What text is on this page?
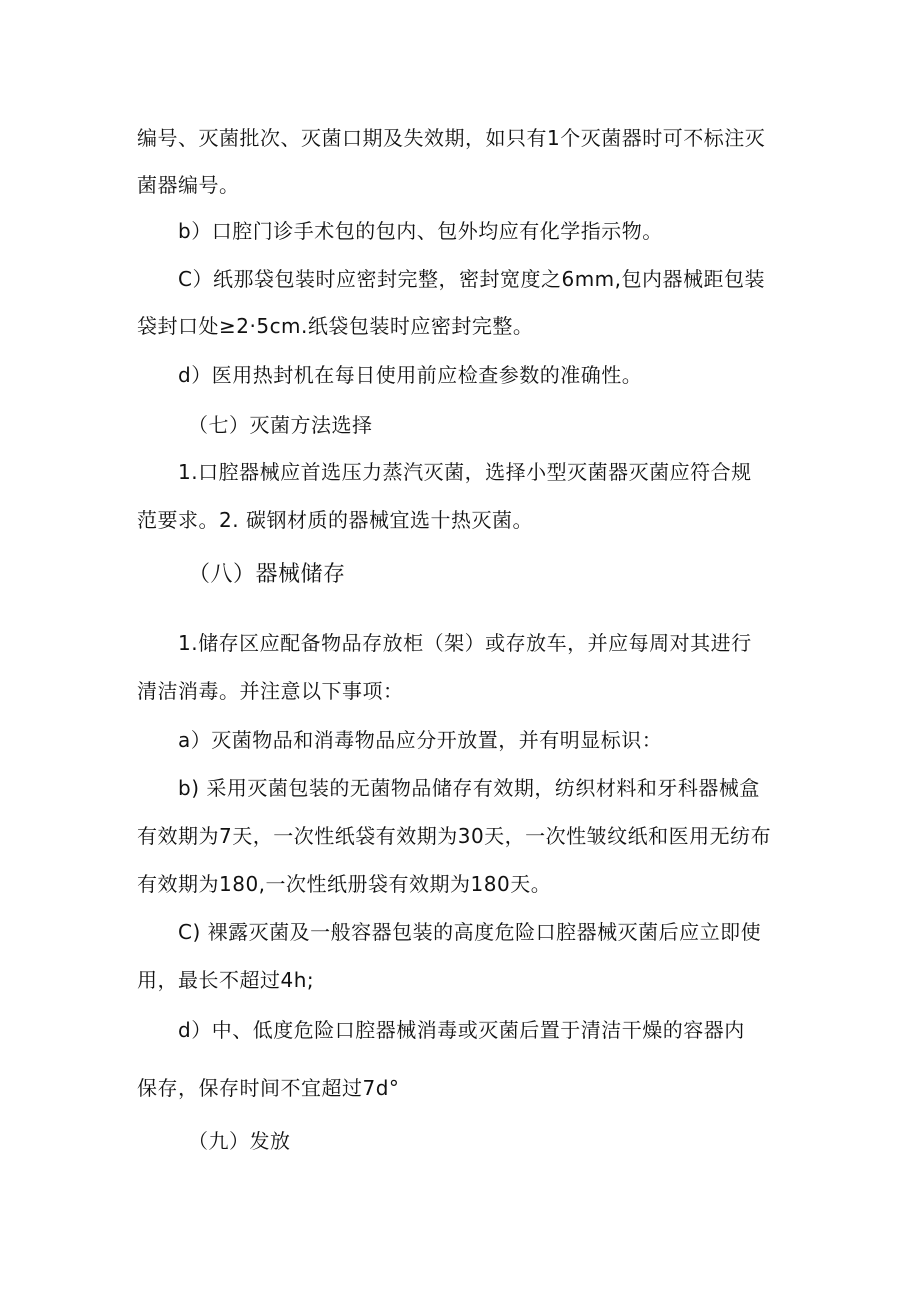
编号、灭菌批次、灭菌口期及失效期，如只有1个灭菌器时可不标注灭
菌器编号。
b）口腔门诊手术包的包内、包外均应有化学指示物。
C）纸那袋包装时应密封完整，密封宽度之6mm,包内器械距包装
袋封口处≥2·5cm.纸袋包装时应密封完整。
d）医用热封机在每日使用前应检查参数的准确性。
（七）灭菌方法选择
1.口腔器械应首选压力蒸汽灭菌，选择小型灭菌器灭菌应符合规
范要求。2. 碳钢材质的器械宜选十热灭菌。
（八）器械储存
1.储存区应配备物品存放柜（架）或存放车，并应每周对其进行
清洁消毒。并注意以下事项：
a）灭菌物品和消毒物品应分开放置，并有明显标识：
b) 采用灭菌包装的无菌物品储存有效期，纺织材料和牙科器械盒
有效期为7天，一次性纸袋有效期为30天，一次性皱纹纸和医用无纺布
有效期为180,一次性纸册袋有效期为180天。
C) 裸露灭菌及一般容器包装的高度危险口腔器械灭菌后应立即使
用，最长不超过4h;
d）中、低度危险口腔器械消毒或灭菌后置于清洁干燥的容器内
保存，保存时间不宜超过7d°
（九）发放
